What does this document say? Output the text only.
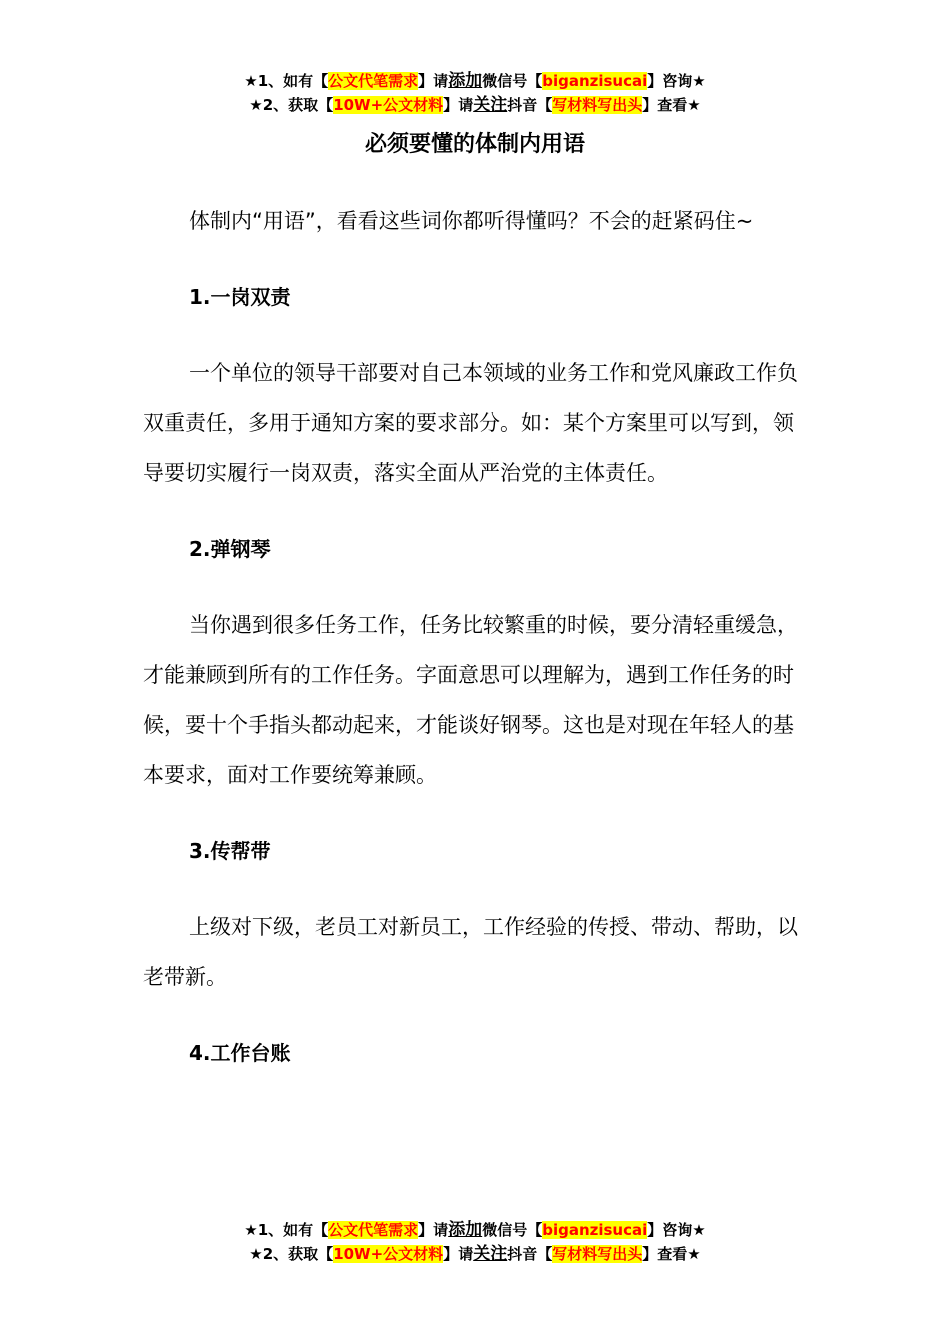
★1、如有【公文代笔需求】请添加微信号【biganzisucai】咨询★
★2、获取【10W+公文材料】请关注抖音【写材料写出头】查看★
必须要懂的体制内用语

体制内“用语”，看看这些词你都听得懂吗？不会的赶紧码住~

1.一岗双责

一个单位的领导干部要对自己本领域的业务工作和党风廉政工作负双重责任，多用于通知方案的要求部分。如：某个方案里可以写到，领导要切实履行一岗双责，落实全面从严治党的主体责任。

2.弹钢琴

当你遇到很多任务工作，任务比较繁重的时候，要分清轻重缓急，才能兼顾到所有的工作任务。字面意思可以理解为，遇到工作任务的时候，要十个手指头都动起来，才能谈好钢琴。这也是对现在年轻人的基本要求，面对工作要统筹兼顾。

3.传帮带

上级对下级，老员工对新员工，工作经验的传授、带动、帮助，以老带新。

4.工作台账

★1、如有【公文代笔需求】请添加微信号【biganzisucai】咨询★
★2、获取【10W+公文材料】请关注抖音【写材料写出头】查看★
